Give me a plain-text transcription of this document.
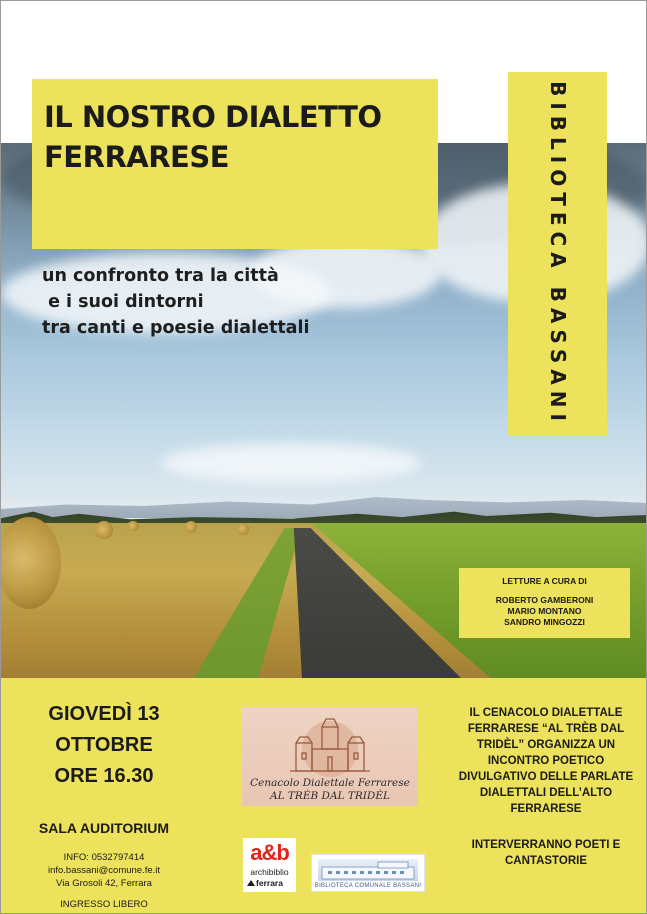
IL NOSTRO DIALETTO
FERRARESE
un confronto tra la città
e i suoi dintorni
tra canti e poesie dialettali	BIBLIOTECA BASSANI
LETTURE A CURA DI
ROBERTO GAMBERONI
MARIO MONTANO
SANDRO MINGOZZI
GIOVEDÌ 13
OTTOBRE
ORE 16.30
SALA AUDITORIUM
INFO: 0532797414
info.bassani@comune.fe.it
Via Grosoli 42, Ferrara
INGRESSO LIBERO
Cenacolo Dialettale Ferrarese
AL TRÈB DAL TRIDÈL
a&b
archibiblio
ferrara	BIBLIOTECA COMUNALE BASSANI
IL CENACOLO DIALETTALE FERRARESE “AL TRÈB DAL TRIDÈL” ORGANIZZA UN INCONTRO POETICO DIVULGATIVO DELLE PARLATE DIALETTALI DELL’ALTO FERRARESE
INTERVERRANNO POETI E CANTASTORIE
